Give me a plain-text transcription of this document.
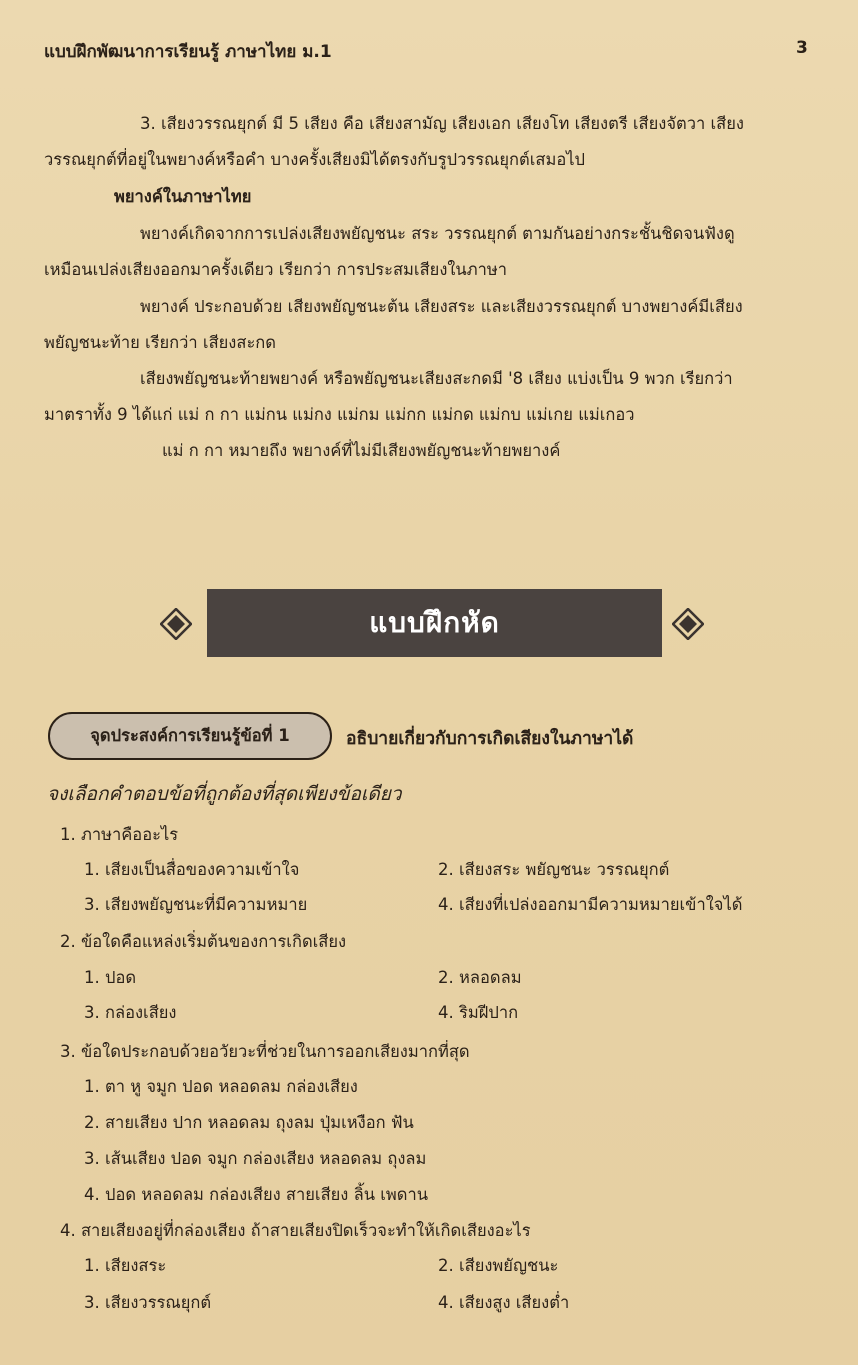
แบบฝึกพัฒนาการเรียนรู้ ภาษาไทย ม.1	3
3. เสียงวรรณยุกต์ มี 5 เสียง คือ เสียงสามัญ เสียงเอก เสียงโท เสียงตรี เสียงจัตวา เสียง
วรรณยุกต์ที่อยู่ในพยางค์หรือคำ บางครั้งเสียงมิได้ตรงกับรูปวรรณยุกต์เสมอไป
พยางค์ในภาษาไทย
พยางค์เกิดจากการเปล่งเสียงพยัญชนะ สระ วรรณยุกต์ ตามกันอย่างกระชั้นชิดจนฟังดู
เหมือนเปล่งเสียงออกมาครั้งเดียว เรียกว่า การประสมเสียงในภาษา
พยางค์ ประกอบด้วย เสียงพยัญชนะต้น เสียงสระ และเสียงวรรณยุกต์ บางพยางค์มีเสียง
พยัญชนะท้าย เรียกว่า เสียงสะกด
เสียงพยัญชนะท้ายพยางค์ หรือพยัญชนะเสียงสะกดมี '8 เสียง แบ่งเป็น 9 พวก เรียกว่า
มาตราทั้ง 9 ได้แก่ แม่ ก กา แม่กน แม่กง แม่กม แม่กก แม่กด แม่กบ แม่เกย แม่เกอว
แม่ ก กา หมายถึง พยางค์ที่ไม่มีเสียงพยัญชนะท้ายพยางค์
แบบฝึกหัด
จุดประสงค์การเรียนรู้ข้อที่ 1	อธิบายเกี่ยวกับการเกิดเสียงในภาษาได้
จงเลือกคำตอบข้อที่ถูกต้องที่สุดเพียงข้อเดียว
1. ภาษาคืออะไร
1. เสียงเป็นสื่อของความเข้าใจ	2. เสียงสระ พยัญชนะ วรรณยุกต์
3. เสียงพยัญชนะที่มีความหมาย	4. เสียงที่เปล่งออกมามีความหมายเข้าใจได้
2. ข้อใดคือแหล่งเริ่มต้นของการเกิดเสียง
1. ปอด	2. หลอดลม
3. กล่องเสียง	4. ริมฝีปาก
3. ข้อใดประกอบด้วยอวัยวะที่ช่วยในการออกเสียงมากที่สุด
1. ตา หู จมูก ปอด หลอดลม กล่องเสียง
2. สายเสียง ปาก หลอดลม ถุงลม ปุ่มเหงือก ฟัน
3. เส้นเสียง ปอด จมูก กล่องเสียง หลอดลม ถุงลม
4. ปอด หลอดลม กล่องเสียง สายเสียง ลิ้น เพดาน
4. สายเสียงอยู่ที่กล่องเสียง ถ้าสายเสียงปิดเร็วจะทำให้เกิดเสียงอะไร
1. เสียงสระ	2. เสียงพยัญชนะ
3. เสียงวรรณยุกต์	4. เสียงสูง เสียงต่ำ
